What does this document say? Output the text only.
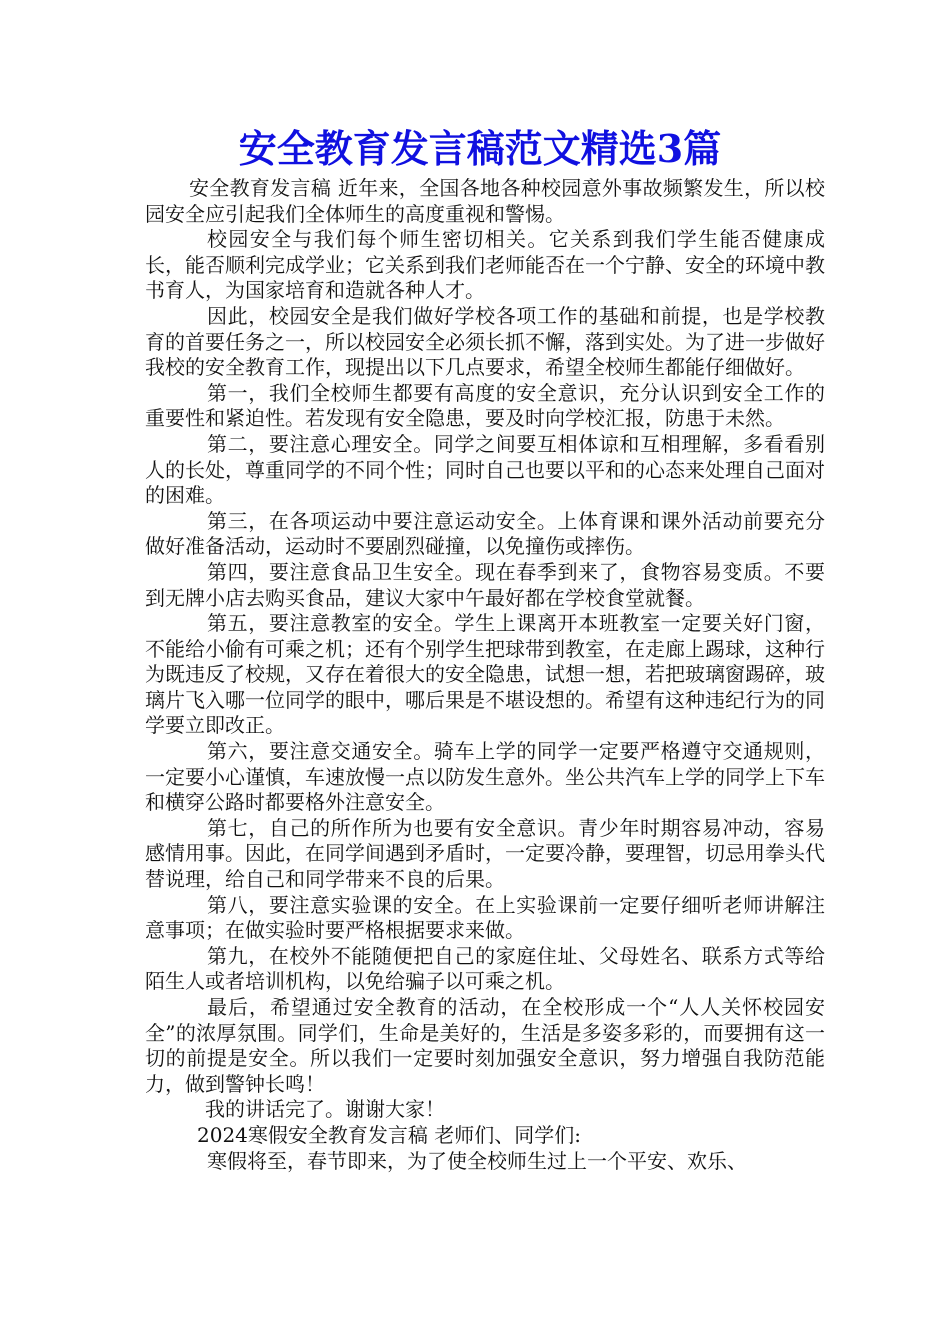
安全教育发言稿范文精选3篇

安全教育发言稿 近年来，全国各地各种校园意外事故频繁发生，所以校园安全应引起我们全体师生的高度重视和警惕。

校园安全与我们每个师生密切相关。它关系到我们学生能否健康成长，能否顺利完成学业；它关系到我们老师能否在一个宁静、安全的环境中教书育人，为国家培育和造就各种人才。

因此，校园安全是我们做好学校各项工作的基础和前提，也是学校教育的首要任务之一，所以校园安全必须长抓不懈，落到实处。为了进一步做好我校的安全教育工作，现提出以下几点要求，希望全校师生都能仔细做好。

第一，我们全校师生都要有高度的安全意识，充分认识到安全工作的重要性和紧迫性。若发现有安全隐患，要及时向学校汇报，防患于未然。

第二，要注意心理安全。同学之间要互相体谅和互相理解，多看看别人的长处，尊重同学的不同个性；同时自己也要以平和的心态来处理自己面对的困难。

第三，在各项运动中要注意运动安全。上体育课和课外活动前要充分做好准备活动，运动时不要剧烈碰撞，以免撞伤或摔伤。

第四，要注意食品卫生安全。现在春季到来了，食物容易变质。不要到无牌小店去购买食品，建议大家中午最好都在学校食堂就餐。

第五，要注意教室的安全。学生上课离开本班教室一定要关好门窗，不能给小偷有可乘之机；还有个别学生把球带到教室，在走廊上踢球，这种行为既违反了校规，又存在着很大的安全隐患，试想一想，若把玻璃窗踢碎，玻璃片飞入哪一位同学的眼中，哪后果是不堪设想的。希望有这种违纪行为的同学要立即改正。

第六，要注意交通安全。骑车上学的同学一定要严格遵守交通规则，一定要小心谨慎，车速放慢一点以防发生意外。坐公共汽车上学的同学上下车和横穿公路时都要格外注意安全。

第七，自己的所作所为也要有安全意识。青少年时期容易冲动，容易感情用事。因此，在同学间遇到矛盾时，一定要冷静，要理智，切忌用拳头代替说理，给自己和同学带来不良的后果。

第八，要注意实验课的安全。在上实验课前一定要仔细听老师讲解注意事项；在做实验时要严格根据要求来做。

第九，在校外不能随便把自己的家庭住址、父母姓名、联系方式等给陌生人或者培训机构，以免给骗子以可乘之机。

最后，希望通过安全教育的活动，在全校形成一个“人人关怀校园安全”的浓厚氛围。同学们，生命是美好的，生活是多姿多彩的，而要拥有这一切的前提是安全。所以我们一定要时刻加强安全意识，努力增强自我防范能力，做到警钟长鸣！

我的讲话完了。谢谢大家！

2024寒假安全教育发言稿 老师们、同学们:

寒假将至，春节即来，为了使全校师生过上一个平安、欢乐、
